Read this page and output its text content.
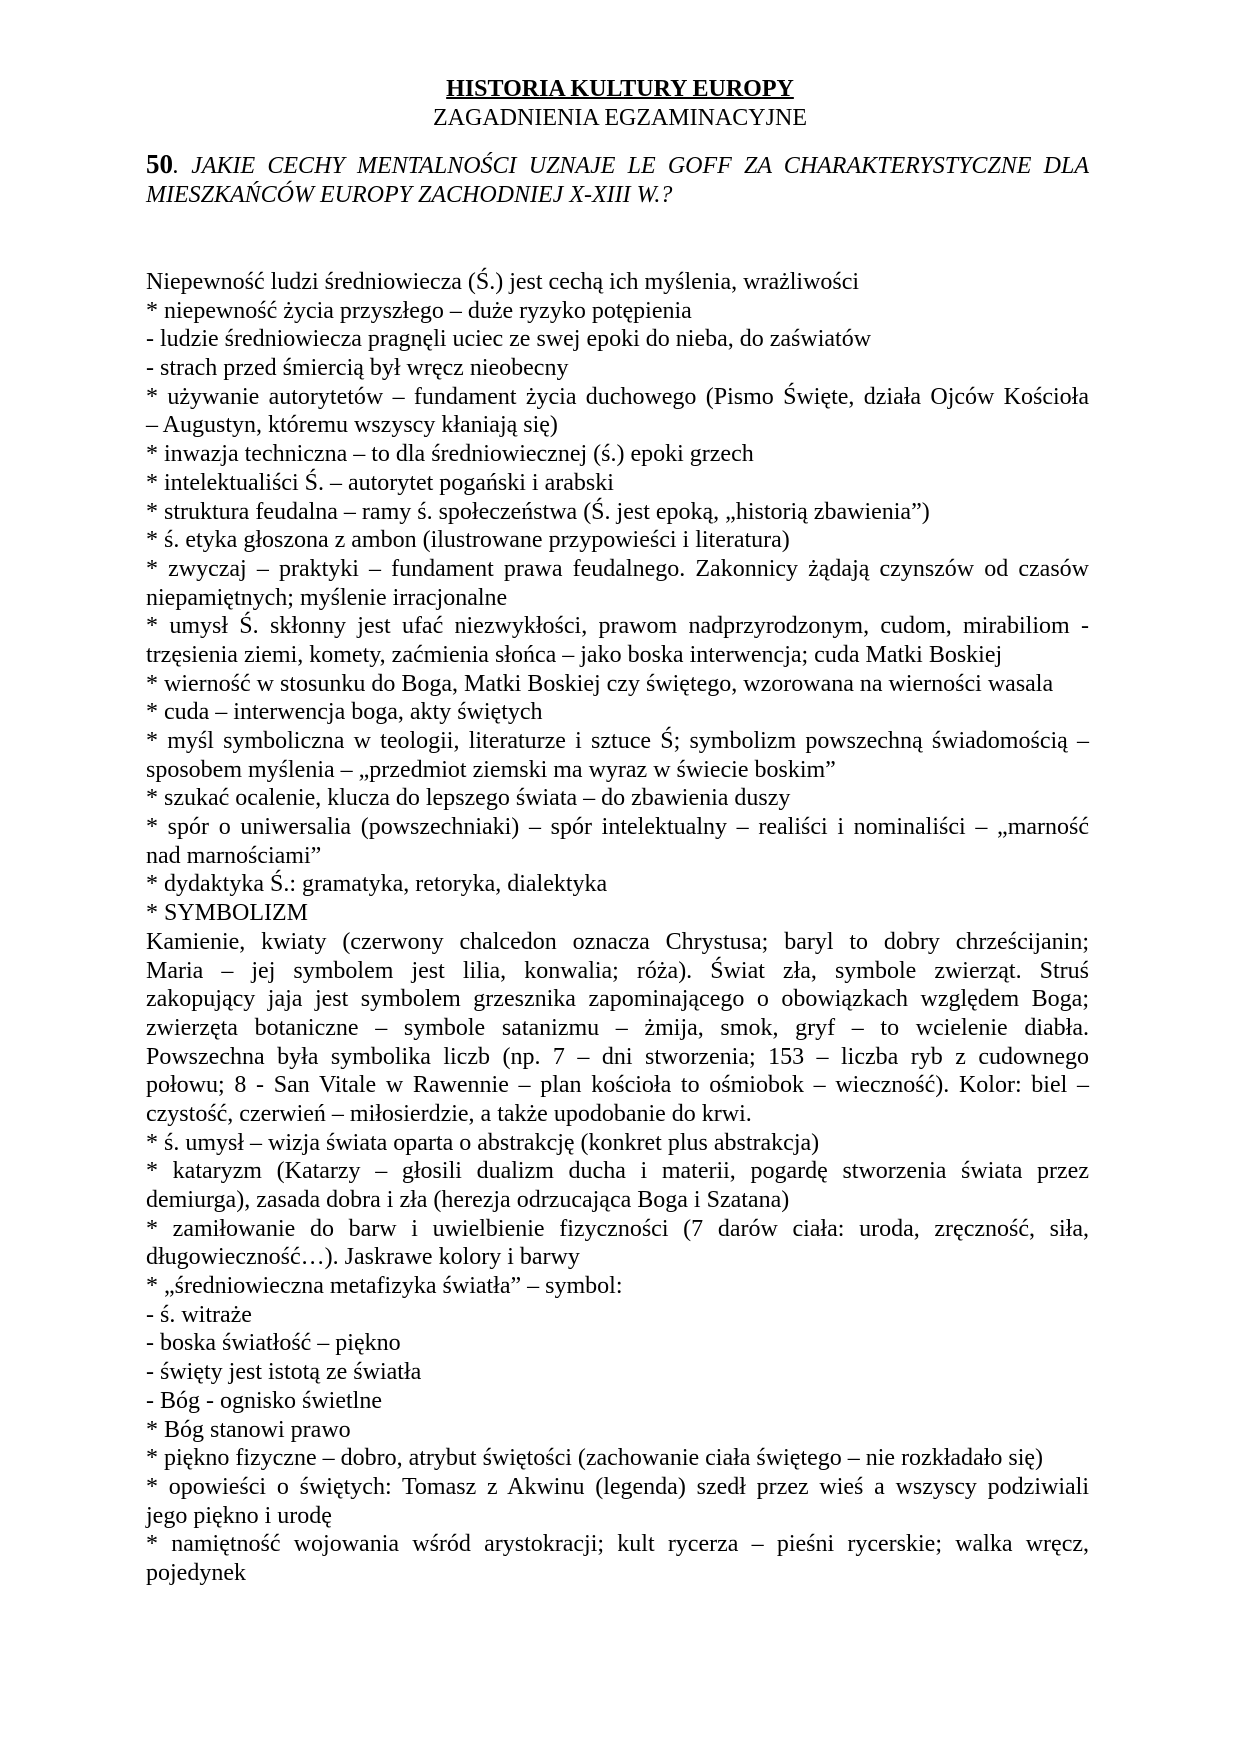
HISTORIA KULTURY EUROPY
ZAGADNIENIA EGZAMINACYJNE
50. JAKIE CECHY MENTALNOŚCI UZNAJE LE GOFF ZA CHARAKTERYSTYCZNE DLA
MIESZKAŃCÓW EUROPY ZACHODNIEJ X-XIII W.?
Niepewność ludzi średniowiecza (Ś.) jest cechą ich myślenia, wrażliwości
* niepewność życia przyszłego – duże ryzyko potępienia
- ludzie średniowiecza pragnęli uciec ze swej epoki do nieba, do zaświatów
- strach przed śmiercią był wręcz nieobecny
* używanie autorytetów – fundament życia duchowego (Pismo Święte, działa Ojców Kościoła
– Augustyn, któremu wszyscy kłaniają się)
* inwazja techniczna – to dla średniowiecznej (ś.) epoki grzech
* intelektualiści Ś. – autorytet pogański i arabski
* struktura feudalna – ramy ś. społeczeństwa (Ś. jest epoką, „historią zbawienia”)
* ś. etyka głoszona z ambon (ilustrowane przypowieści i literatura)
* zwyczaj – praktyki – fundament prawa feudalnego. Zakonnicy żądają czynszów od czasów
niepamiętnych; myślenie irracjonalne
* umysł Ś. skłonny jest ufać niezwykłości, prawom nadprzyrodzonym, cudom, mirabiliom -
trzęsienia ziemi, komety, zaćmienia słońca – jako boska interwencja; cuda Matki Boskiej
* wierność w stosunku do Boga, Matki Boskiej czy świętego, wzorowana na wierności wasala
* cuda – interwencja boga, akty świętych
* myśl symboliczna w teologii, literaturze i sztuce Ś; symbolizm powszechną świadomością –
sposobem myślenia – „przedmiot ziemski ma wyraz w świecie boskim”
* szukać ocalenie, klucza do lepszego świata – do zbawienia duszy
* spór o uniwersalia (powszechniaki) – spór intelektualny – realiści i nominaliści – „marność
nad marnościami”
* dydaktyka Ś.: gramatyka, retoryka, dialektyka
* SYMBOLIZM
Kamienie, kwiaty (czerwony chalcedon oznacza Chrystusa; baryl to dobry chrześcijanin;
Maria – jej symbolem jest lilia, konwalia; róża). Świat zła, symbole zwierząt. Struś
zakopujący jaja jest symbolem grzesznika zapominającego o obowiązkach względem Boga;
zwierzęta botaniczne – symbole satanizmu – żmija, smok, gryf – to wcielenie diabła.
Powszechna była symbolika liczb (np. 7 – dni stworzenia; 153 – liczba ryb z cudownego
połowu; 8 - San Vitale w Rawennie – plan kościoła to ośmiobok – wieczność). Kolor: biel –
czystość, czerwień – miłosierdzie, a także upodobanie do krwi.
* ś. umysł – wizja świata oparta o abstrakcję (konkret plus abstrakcja)
* kataryzm (Katarzy – głosili dualizm ducha i materii, pogardę stworzenia świata przez
demiurga), zasada dobra i zła (herezja odrzucająca Boga i Szatana)
* zamiłowanie do barw i uwielbienie fizyczności (7 darów ciała: uroda, zręczność, siła,
długowieczność…). Jaskrawe kolory i barwy
* „średniowieczna metafizyka światła” – symbol:
- ś. witraże
- boska światłość – piękno
- święty jest istotą ze światła
- Bóg - ognisko świetlne
* Bóg stanowi prawo
* piękno fizyczne – dobro, atrybut świętości (zachowanie ciała świętego – nie rozkładało się)
* opowieści o świętych: Tomasz z Akwinu (legenda) szedł przez wieś a wszyscy podziwiali
jego piękno i urodę
* namiętność wojowania wśród arystokracji; kult rycerza – pieśni rycerskie; walka wręcz,
pojedynek
